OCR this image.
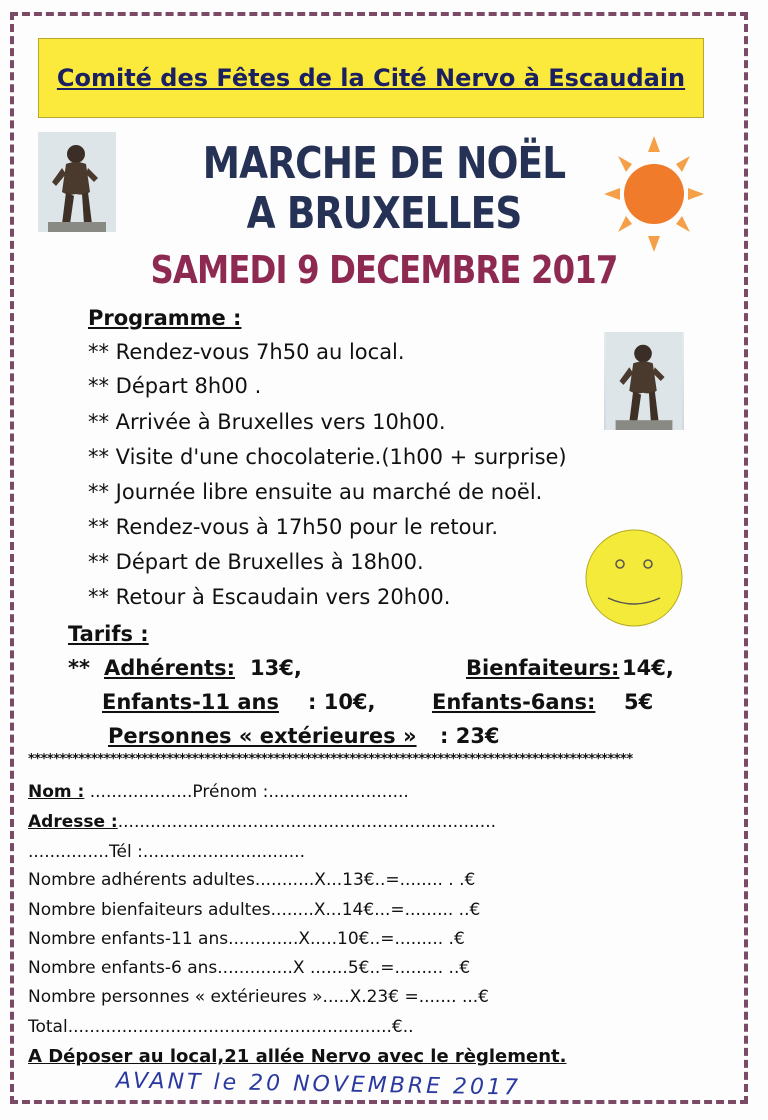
Comité des Fêtes de la Cité Nervo à Escaudain
MARCHE DE NOËL
A BRUXELLES
SAMEDI 9 DECEMBRE 2017
Programme :
** Rendez-vous 7h50 au local.
** Départ 8h00 .
** Arrivée à Bruxelles vers 10h00.
** Visite d'une chocolaterie.(1h00 + surprise)
** Journée libre ensuite au marché de noël.
** Rendez-vous à 17h50 pour le retour.
** Départ de Bruxelles à 18h00.
** Retour à Escaudain vers 20h00.
Tarifs :
** Adhérents: 13€,	Bienfaiteurs: 14€,
Enfants-11 ans : 10€,	Enfants-6ans: 5€
Personnes « extérieures » : 23€
************************************************************************************************
Nom : ...................Prénom :..........................
Adresse :......................................................................
...............Tél :..............................
Nombre adhérents adultes...........X...13€..=........ . .€
Nombre bienfaiteurs adultes........X...14€...=......... ..€
Nombre enfants-11 ans.............X.....10€..=......... .€
Nombre enfants-6 ans..............X .......5€..=......... ..€
Nombre personnes « extérieures ».....X.23€ =....... ...€
Total............................................................€..
A Déposer au local,21 allée Nervo avec le règlement.
AVANT le 20 NOVEMBRE 2017
